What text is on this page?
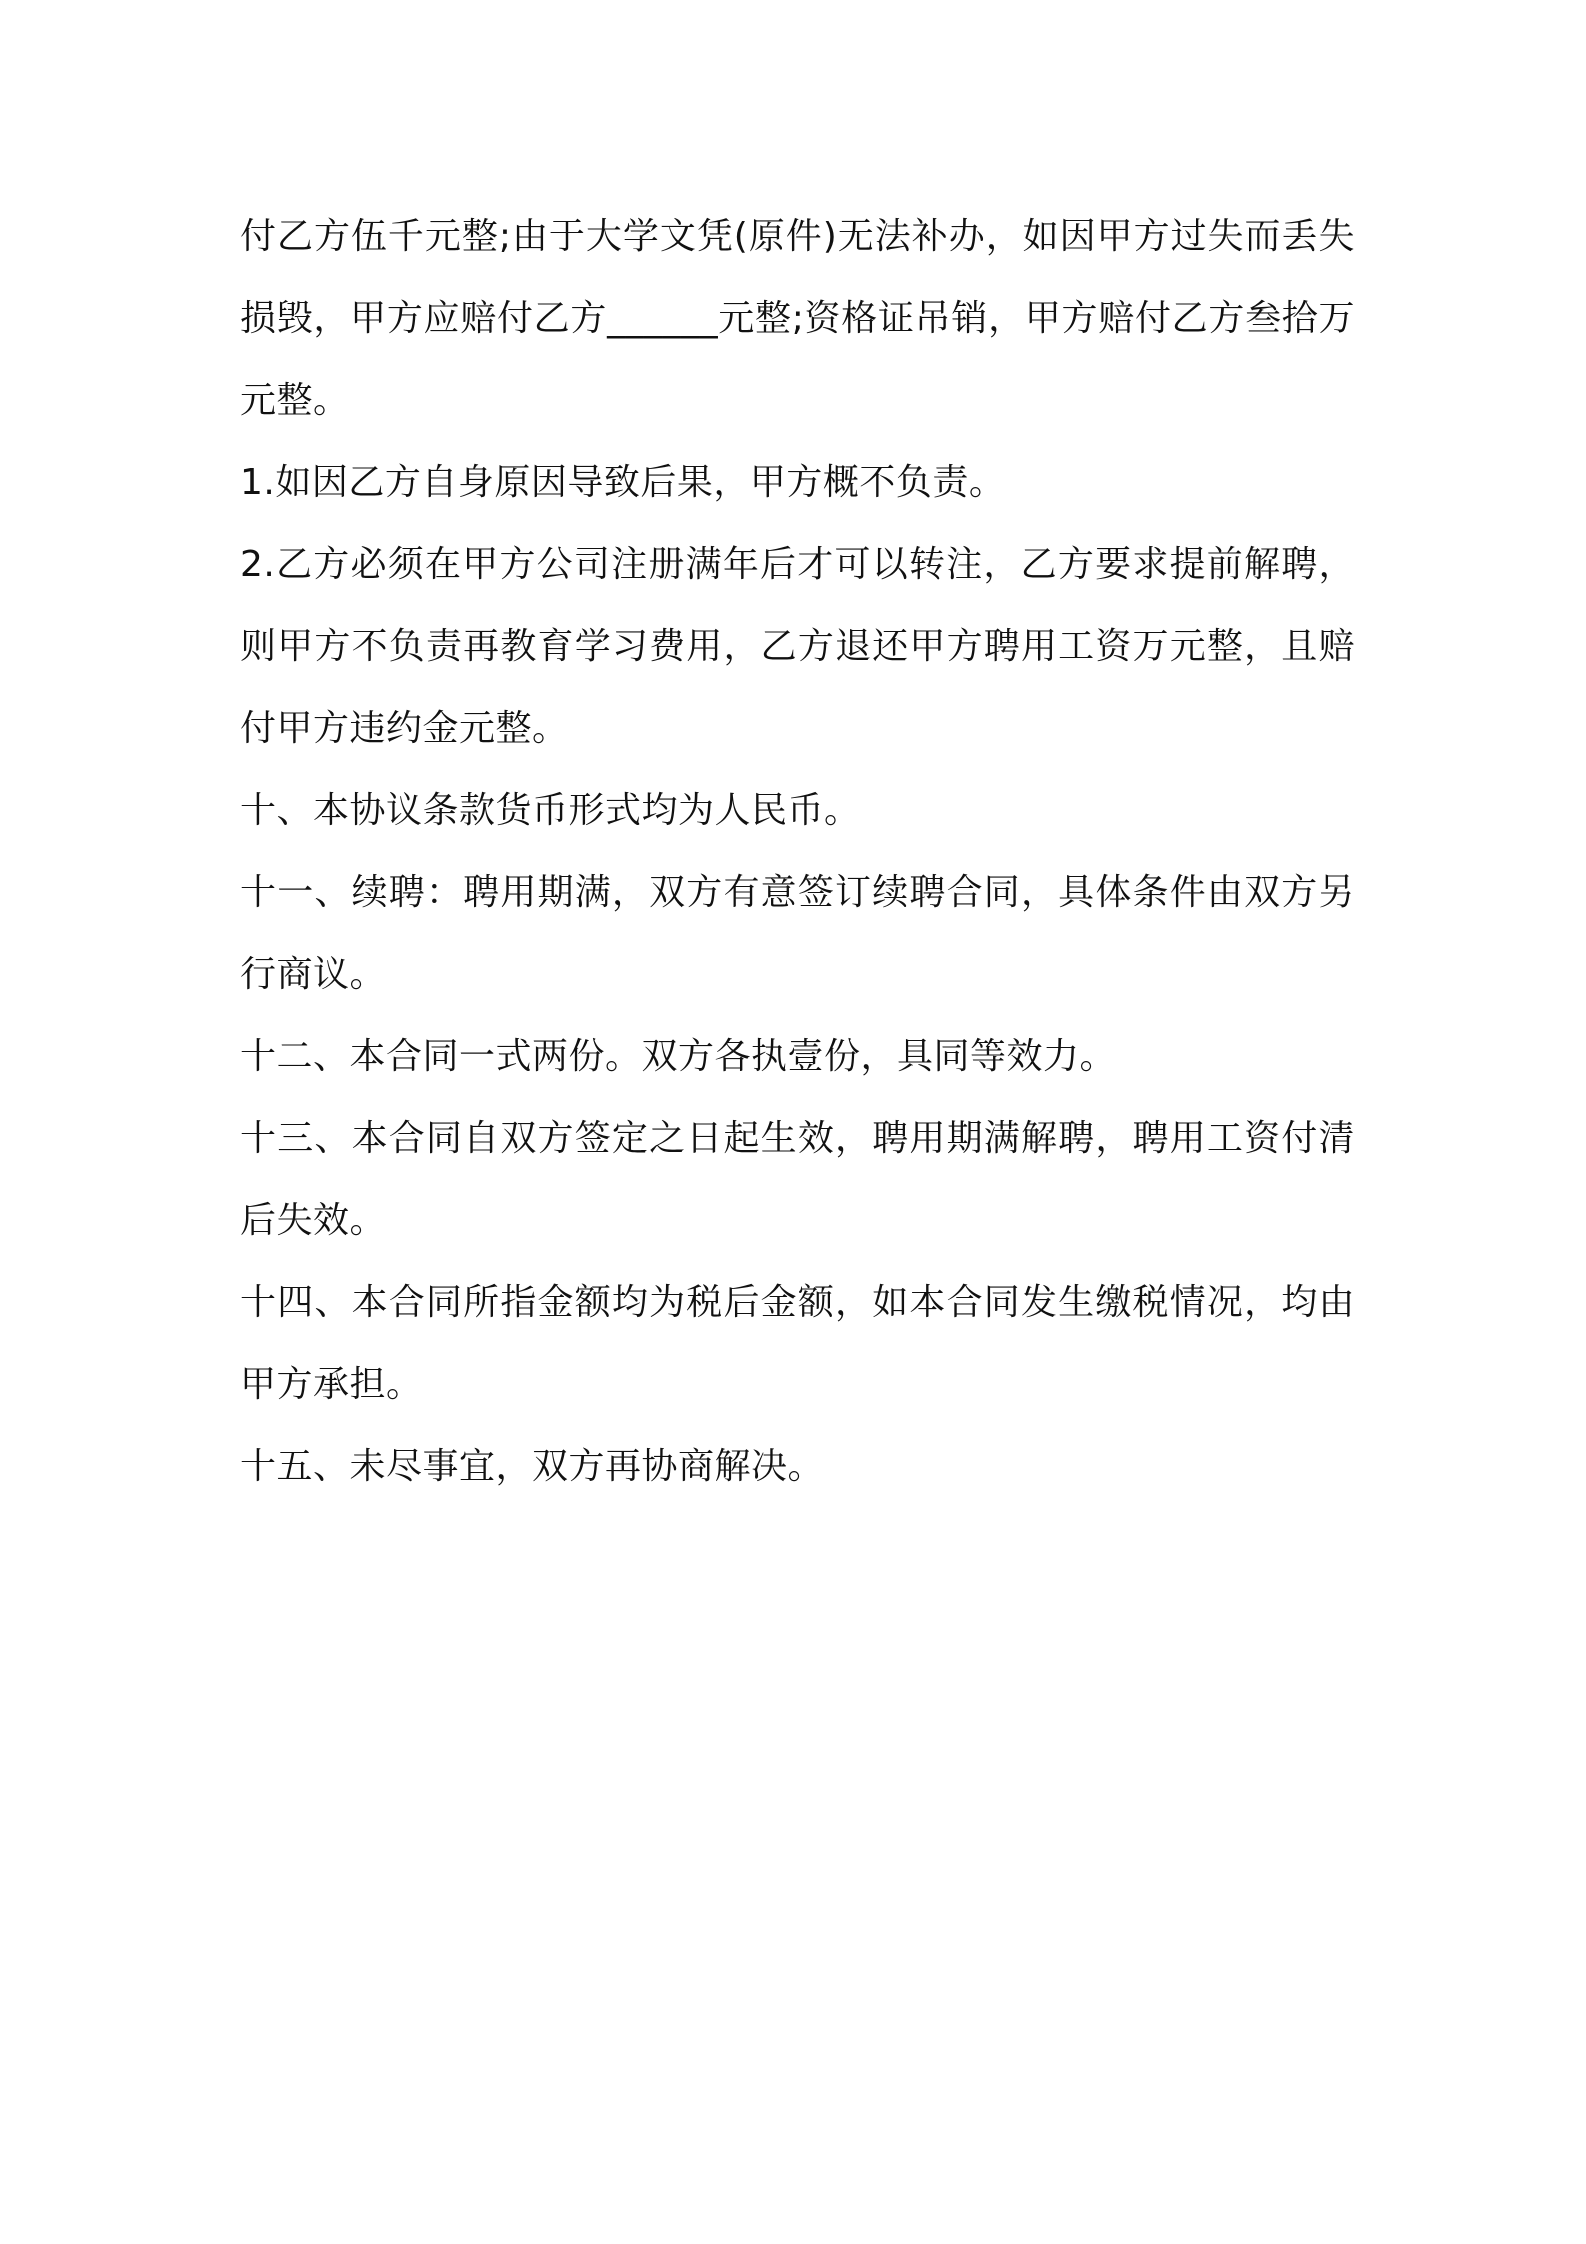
付乙方伍千元整;由于大学文凭(原件)无法补办，如因甲方过失而丢失损毁，甲方应赔付乙方______元整;资格证吊销，甲方赔付乙方叁拾万元整。

1.如因乙方自身原因导致后果，甲方概不负责。

2.乙方必须在甲方公司注册满年后才可以转注，乙方要求提前解聘，则甲方不负责再教育学习费用，乙方退还甲方聘用工资万元整，且赔付甲方违约金元整。

十、本协议条款货币形式均为人民币。

十一、续聘：聘用期满，双方有意签订续聘合同，具体条件由双方另行商议。

十二、本合同一式两份。双方各执壹份，具同等效力。

十三、本合同自双方签定之日起生效，聘用期满解聘，聘用工资付清后失效。

十四、本合同所指金额均为税后金额，如本合同发生缴税情况，均由甲方承担。

十五、未尽事宜，双方再协商解决。
